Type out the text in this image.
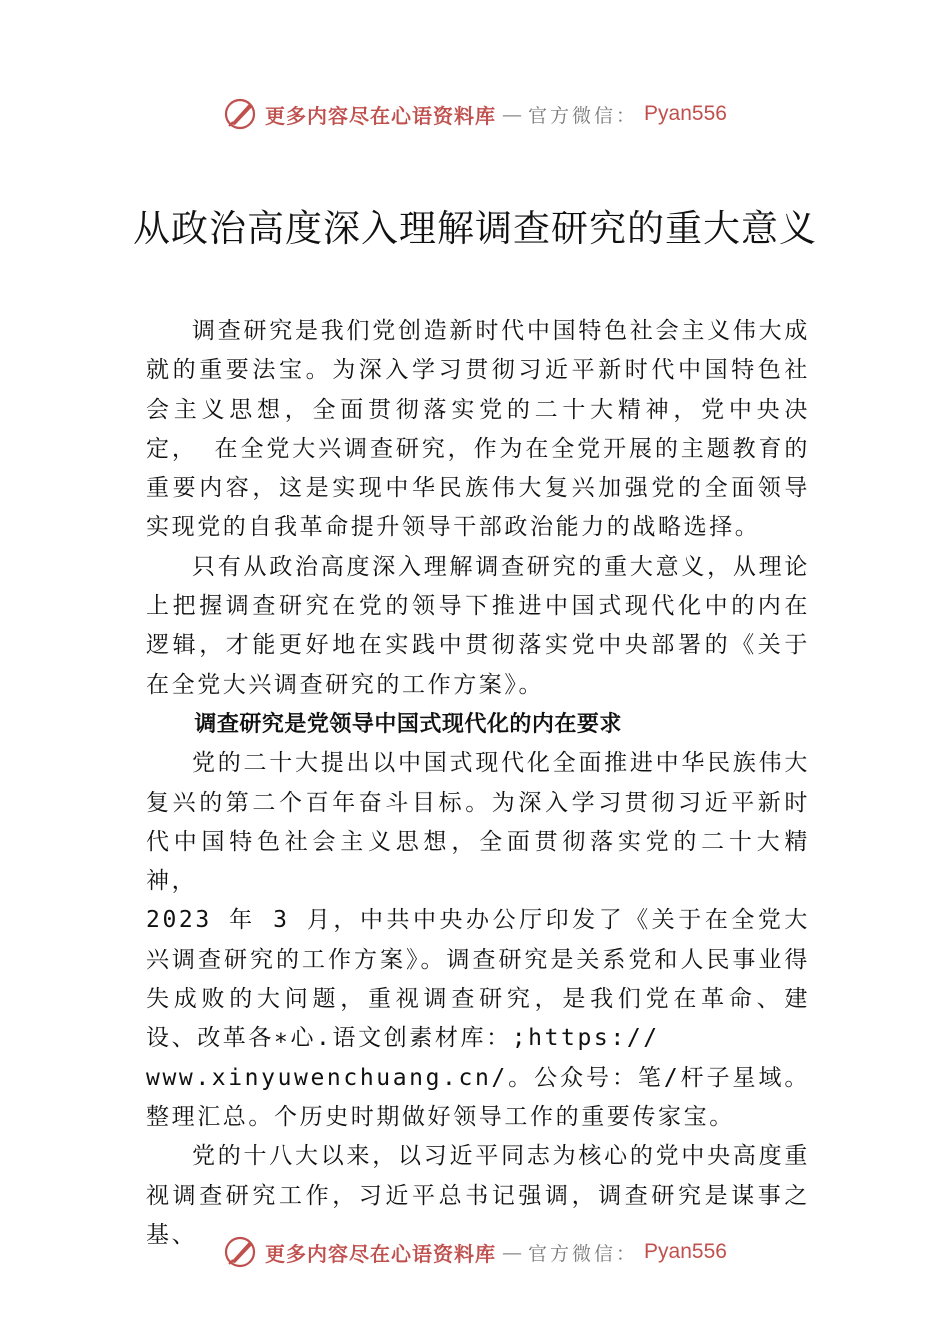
更多内容尽在心语资料库 — 官方微信： Pyan556
从政治高度深入理解调查研究的重大意义

调查研究是我们党创造新时代中国特色社会主义伟大成就的重要法宝。为深入学习贯彻习近平新时代中国特色社会主义思想，全面贯彻落实党的二十大精神，党中央决定， 在全党大兴调查研究，作为在全党开展的主题教育的重要内容，这是实现中华民族伟大复兴加强党的全面领导实现党的自我革命提升领导干部政治能力的战略选择。

只有从政治高度深入理解调查研究的重大意义，从理论上把握调查研究在党的领导下推进中国式现代化中的内在逻辑，才能更好地在实践中贯彻落实党中央部署的《关于在全党大兴调查研究的工作方案》。

调查研究是党领导中国式现代化的内在要求

党的二十大提出以中国式现代化全面推进中华民族伟大复兴的第二个百年奋斗目标。为深入学习贯彻习近平新时代中国特色社会主义思想，全面贯彻落实党的二十大精神，

2023 年 3 月，中共中央办公厅印发了《关于在全党大兴调查研究的工作方案》。调查研究是关系党和人民事业得失成败的大问题，重视调查研究，是我们党在革命、建设、改革各∗心.语文创素材库：;https://

www.xinyuwenchuang.cn/。公众号：笔/杆子星域。整理汇总。个历史时期做好领导工作的重要传家宝。

党的十八大以来，以习近平同志为核心的党中央高度重视调查研究工作，习近平总书记强调，调查研究是谋事之基、

更多内容尽在心语资料库 — 官方微信： Pyan556
